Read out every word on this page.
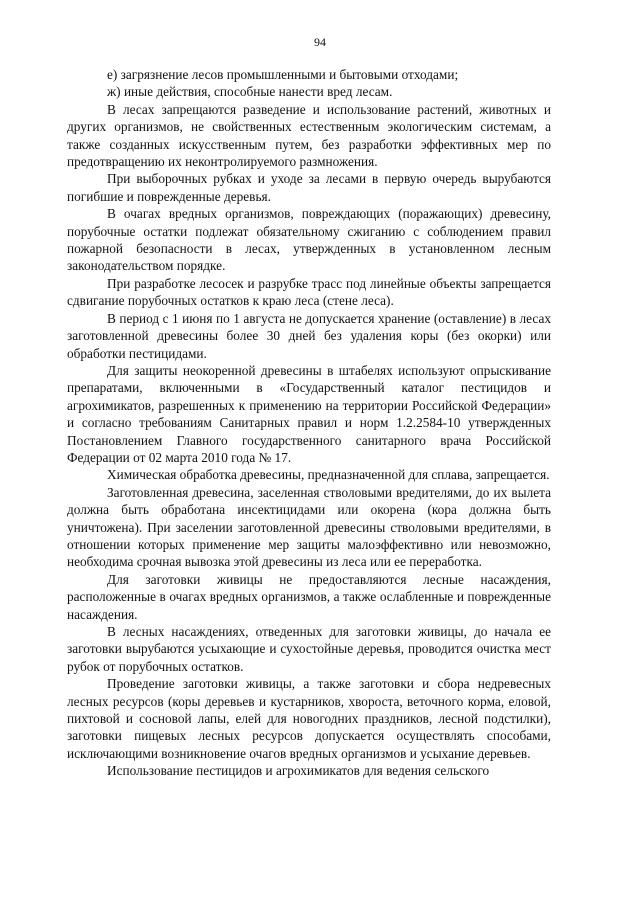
94

е) загрязнение лесов промышленными и бытовыми отходами;

ж) иные действия, способные нанести вред лесам.

В лесах запрещаются разведение и использование растений, животных и других организмов, не свойственных естественным экологическим системам, а также созданных искусственным путем, без разработки эффективных мер по предотвращению их неконтролируемого размножения.

При выборочных рубках и уходе за лесами в первую очередь вырубаются погибшие и поврежденные деревья.

В очагах вредных организмов, повреждающих (поражающих) древесину, порубочные остатки подлежат обязательному сжиганию с соблюдением правил пожарной безопасности в лесах, утвержденных в установленном лесным законодательством порядке.

При разработке лесосек и разрубке трасс под линейные объекты запрещается сдвигание порубочных остатков к краю леса (стене леса).

В период с 1 июня по 1 августа не допускается хранение (оставление) в лесах заготовленной древесины более 30 дней без удаления коры (без окорки) или обработки пестицидами.

Для защиты неокоренной древесины в штабелях используют опрыскивание препаратами, включенными в «Государственный каталог пестицидов и агрохимикатов, разрешенных к применению на территории Российской Федерации» и согласно требованиям Санитарных правил и норм 1.2.2584-10 утвержденных Постановлением Главного государственного санитарного врача Российской Федерации от 02 марта 2010 года № 17.

Химическая обработка древесины, предназначенной для сплава, запрещается.

Заготовленная древесина, заселенная стволовыми вредителями, до их вылета должна быть обработана инсектицидами или окорена (кора должна быть уничтожена). При заселении заготовленной древесины стволовыми вредителями, в отношении которых применение мер защиты малоэффективно или невозможно, необходима срочная вывозка этой древесины из леса или ее переработка.

Для заготовки живицы не предоставляются лесные насаждения, расположенные в очагах вредных организмов, а также ослабленные и поврежденные насаждения.

В лесных насаждениях, отведенных для заготовки живицы, до начала ее заготовки вырубаются усыхающие и сухостойные деревья, проводится очистка мест рубок от порубочных остатков.

Проведение заготовки живицы, а также заготовки и сбора недревесных лесных ресурсов (коры деревьев и кустарников, хвороста, веточного корма, еловой, пихтовой и сосновой лапы, елей для новогодних праздников, лесной подстилки), заготовки пищевых лесных ресурсов допускается осуществлять способами, исключающими возникновение очагов вредных организмов и усыхание деревьев.

Использование пестицидов и агрохимикатов для ведения сельского
